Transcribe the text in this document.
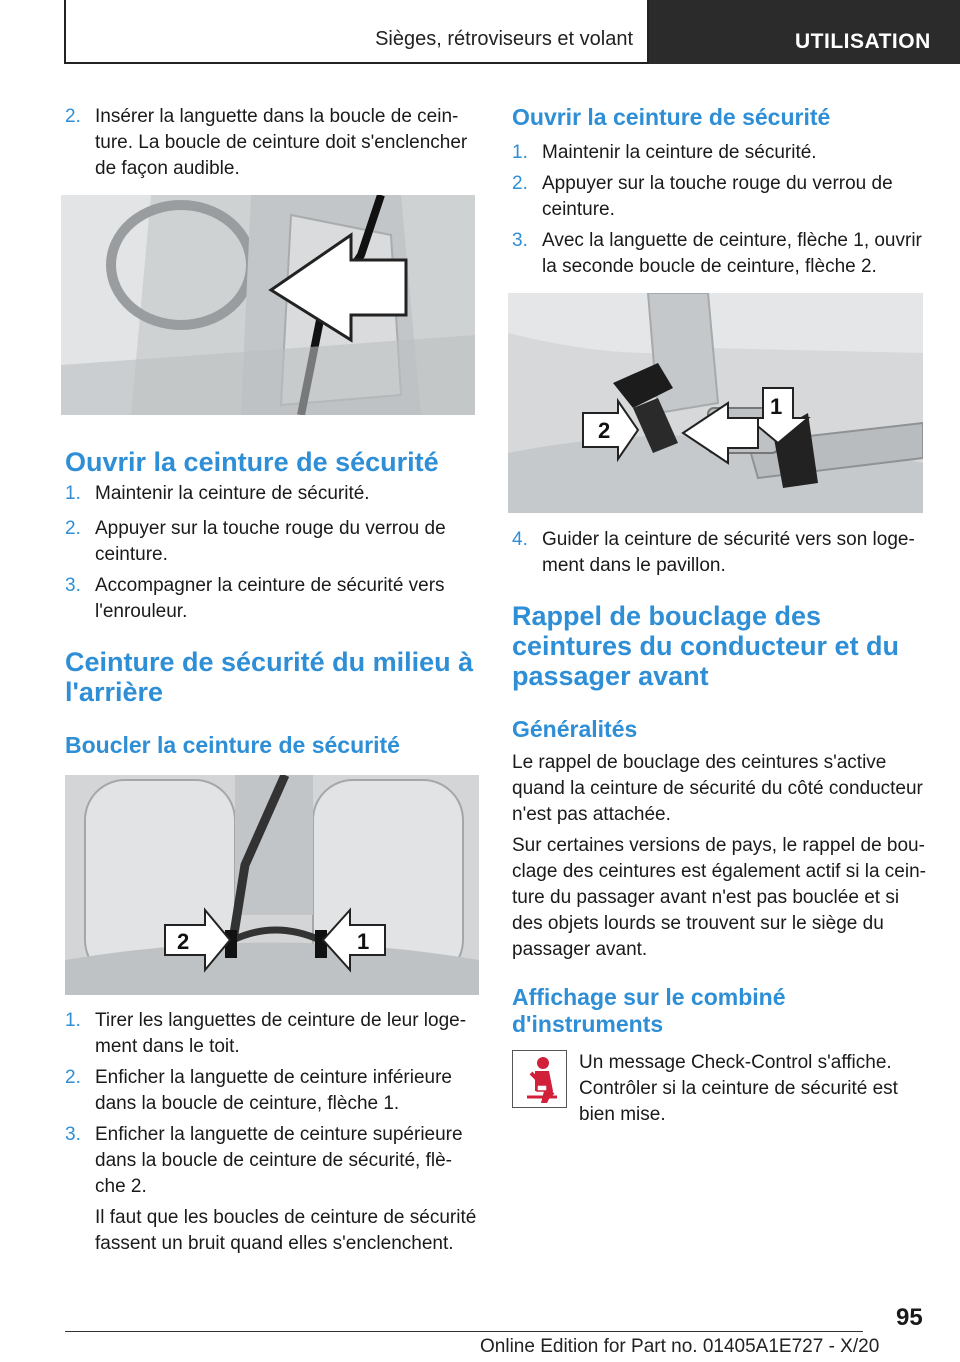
Sièges, rétroviseurs et volant	UTILISATION
2. Insérer la languette dans la boucle de cein-
ture. La boucle de ceinture doit s'enclencher
de façon audible.
Ouvrir la ceinture de sécurité
1. Maintenir la ceinture de sécurité.
2. Appuyer sur la touche rouge du verrou de
ceinture.
3. Accompagner la ceinture de sécurité vers
l'enrouleur.
Ceinture de sécurité du milieu à
l'arrière
Boucler la ceinture de sécurité
2	1
1. Tirer les languettes de ceinture de leur loge-
ment dans le toit.
2. Enficher la languette de ceinture inférieure
dans la boucle de ceinture, flèche 1.
3. Enficher la languette de ceinture supérieure
dans la boucle de ceinture de sécurité, flè-
che 2.
Il faut que les boucles de ceinture de sécurité
fassent un bruit quand elles s'enclenchent.
Ouvrir la ceinture de sécurité
1. Maintenir la ceinture de sécurité.
2. Appuyer sur la touche rouge du verrou de
ceinture.
3. Avec la languette de ceinture, flèche 1, ouvrir
la seconde boucle de ceinture, flèche 2.
2
1
4. Guider la ceinture de sécurité vers son loge-
ment dans le pavillon.
Rappel de bouclage des
ceintures du conducteur et du
passager avant
Généralités
Le rappel de bouclage des ceintures s'active
quand la ceinture de sécurité du côté conducteur
n'est pas attachée.
Sur certaines versions de pays, le rappel de bou-
clage des ceintures est également actif si la cein-
ture du passager avant n'est pas bouclée et si
des objets lourds se trouvent sur le siège du
passager avant.
Affichage sur le combiné
d'instruments
Un message Check-Control s'affiche.
Contrôler si la ceinture de sécurité est
bien mise.
95
Online Edition for Part no. 01405A1E727 - X/20
